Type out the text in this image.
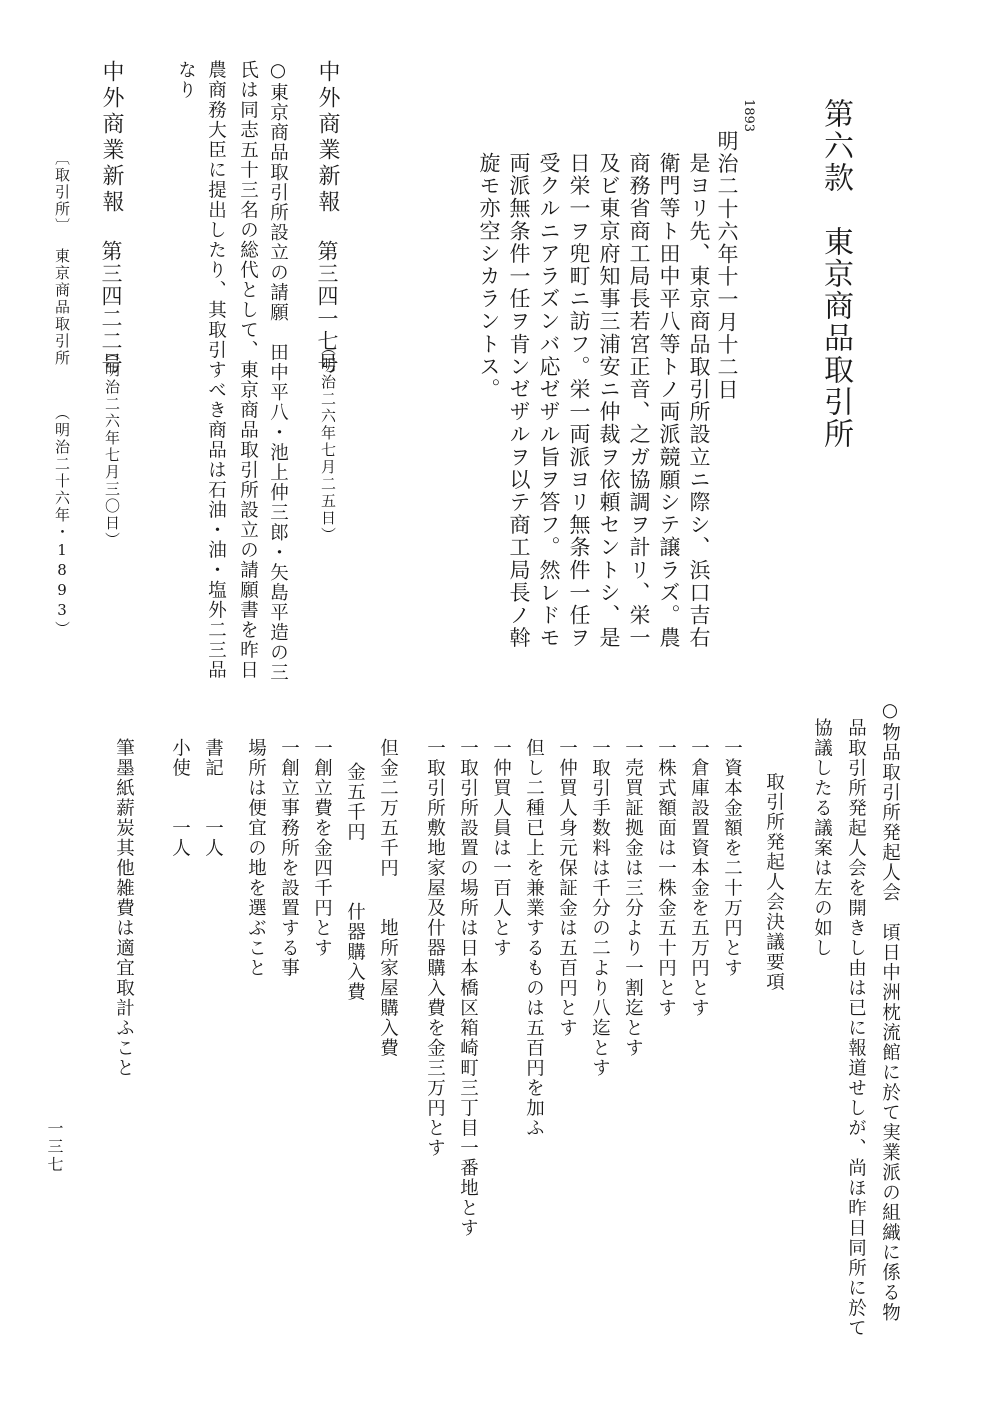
第六款　東京商品取引所
1893
明治二十六年十一月十二日

是ヨリ先、東京商品取引所設立ニ際シ、浜口吉右

衛門等ト田中平八等トノ両派競願シテ譲ラズ。農

商務省商工局長若宮正音、之ガ協調ヲ計リ、栄一

及ビ東京府知事三浦安ニ仲裁ヲ依頼セントシ、是

日栄一ヲ兜町ニ訪フ。栄一両派ヨリ無条件一任ヲ

受クルニアラズンバ応ゼザル旨ヲ答フ。然レドモ

両派無条件一任ヲ肯ンゼザルヲ以テ商工局長ノ斡

旋モ亦空シカラントス。

中外商業新報
第三四一七号
（明治二六年七月二五日）

○東京商品取引所設立の請願　田中平八・池上仲三郎・矢島平造の三

氏は同志五十三名の総代として、東京商品取引所設立の請願書を昨日

農商務大臣に提出したり、其取引すべき商品は石油・油・塩外二三品

なり

中外商業新報
第三四二二号
（明治二六年七月三〇日）
〔取引所〕
東京商品取引所
（明治二十六年・1893）

○物品取引所発起人会　頃日中洲枕流館に於て実業派の組織に係る物

品取引所発起人会を開きし由は已に報道せしが、尚ほ昨日同所に於て

協議したる議案は左の如し

取引所発起人会決議要項

一資本金額を二十万円とす

一倉庫設置資本金を五万円とす

一株式額面は一株金五十円とす

一売買証拠金は三分より一割迄とす

一取引手数料は千分の二より八迄とす

一仲買人身元保証金は五百円とす

但し二種已上を兼業するものは五百円を加ふ

一仲買人員は一百人とす

一取引所設置の場所は日本橋区箱崎町三丁目一番地とす

一取引所敷地家屋及什器購入費を金三万円とす

但金二万五千円　　地所家屋購入費

金五千円　　　什器購入費

一創立費を金四千円とす

一創立事務所を設置する事

場所は便宜の地を選ぶこと

書記　　一人

小使　　一人

筆墨紙薪炭其他雑費は適宜取計ふこと

一三七
